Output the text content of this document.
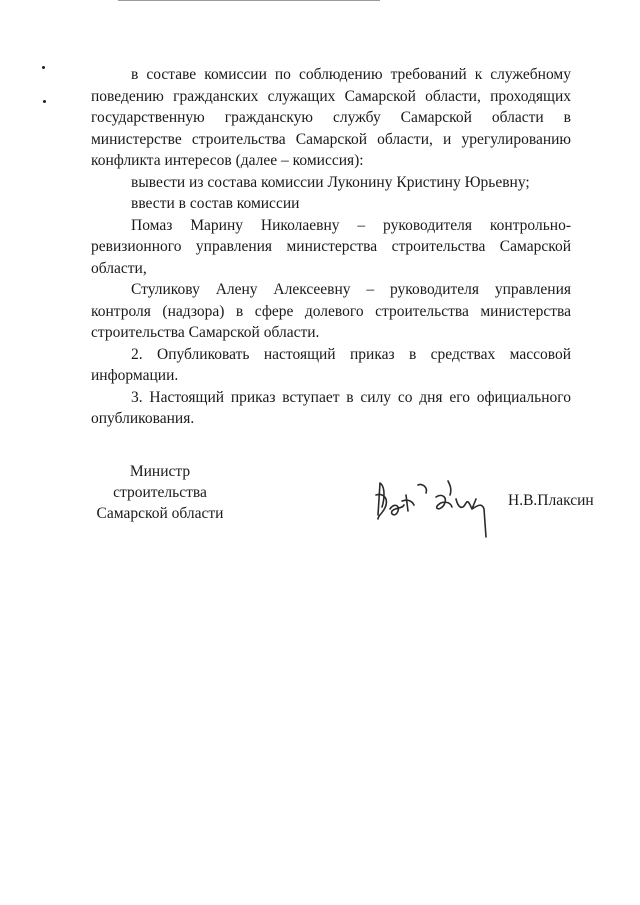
в составе комиссии по соблюдению требований к служебному поведению гражданских служащих Самарской области, проходящих государственную гражданскую службу Самарской области в министерстве строительства Самарской области, и урегулированию конфликта интересов (далее – комиссия):

вывести из состава комиссии Луконину Кристину Юрьевну;

ввести в состав комиссии

Помаз Марину Николаевну – руководителя контрольно-ревизионного управления министерства строительства Самарской области,

Стуликову Алену Алексеевну – руководителя управления контроля (надзора) в сфере долевого строительства министерства строительства Самарской области.

2. Опубликовать настоящий приказ в средствах массовой информации.

3. Настоящий приказ вступает в силу со дня его официального опубликования.

Министр
строительства
Самарской области
Н.В.Плаксин
